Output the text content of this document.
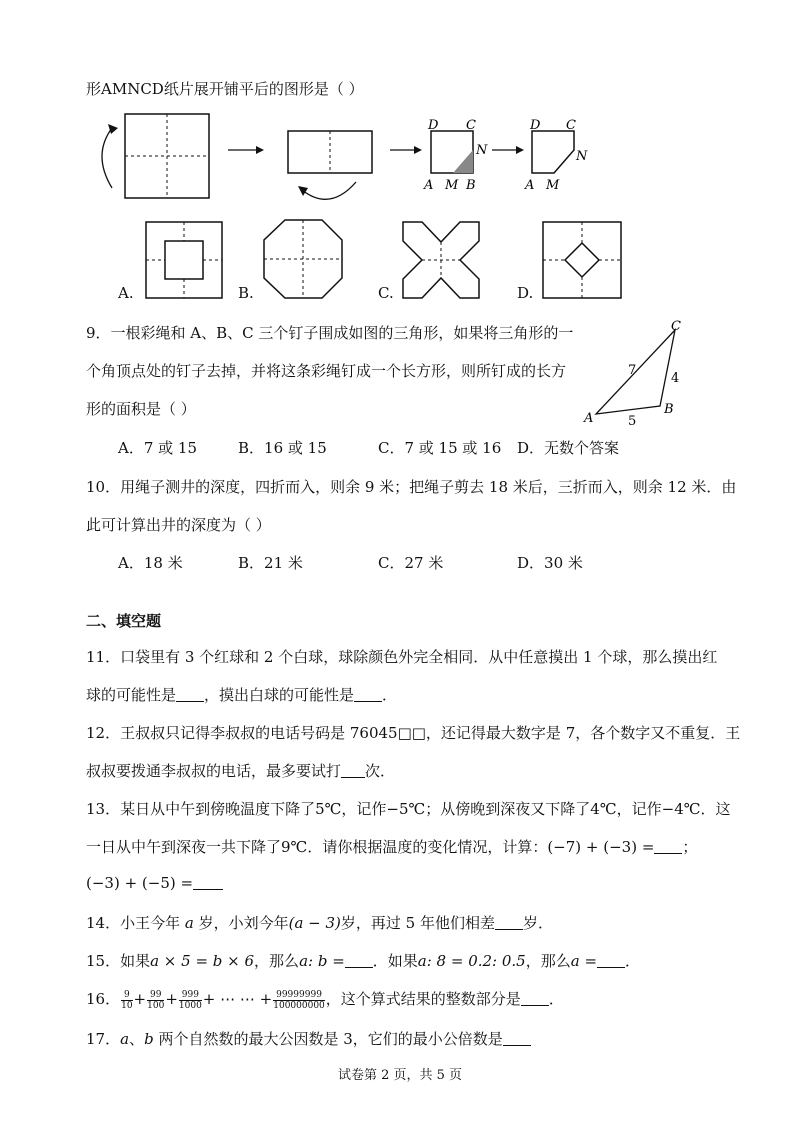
形AMNCD纸片展开铺平后的图形是（ ）
D C
N
A M B
D C
N
A M
A.	B.	C.	D.
9．一根彩绳和 A、B、C 三个钉子围成如图的三角形，如果将三角形的一
个角顶点处的钉子去掉，并将这条彩绳钉成一个长方形，则所钉成的长方
形的面积是（ ）
A
B
C
7
4
5
A．7 或 15	B．16 或 15	C．7 或 15 或 16 D．无数个答案
10．用绳子测井的深度，四折而入，则余 9 米；把绳子剪去 18 米后，三折而入，则余 12 米．由
此可计算出井的深度为（ ）
A．18 米	B．21 米	C．27 米	D．30 米
二、填空题
11．口袋里有 3 个红球和 2 个白球，球除颜色外完全相同．从中任意摸出 1 个球，那么摸出红
球的可能性是 ，摸出白球的可能性是 ．
12．王叔叔只记得李叔叔的电话号码是 76045□□，还记得最大数字是 7，各个数字又不重复．王
叔叔要拨通李叔叔的电话，最多要试打 次．
13．某日从中午到傍晚温度下降了5℃，记作−5℃；从傍晚到深夜又下降了4℃，记作−4℃．这
一日从中午到深夜一共下降了9℃．请你根据温度的变化情况，计算：(−7) + (−3) = ；
(−3) + (−5) =
14．小王今年 a 岁，小刘今年(a − 3)岁，再过 5 年他们相差 岁．
15．如果a × 5 = b × 6，那么a: b = ．如果a: 8 = 0.2: 0.5，那么a = ．
16． $\frac{9}{10} + \frac{99}{100} + \frac{999}{1000}$ + ⋯ ⋯ + $\frac{99999999}{100000000}$ ，这个算式结果的整数部分是 ．
17．a、b 两个自然数的最大公因数是 3，它们的最小公倍数是
试卷第 2 页，共 5 页
